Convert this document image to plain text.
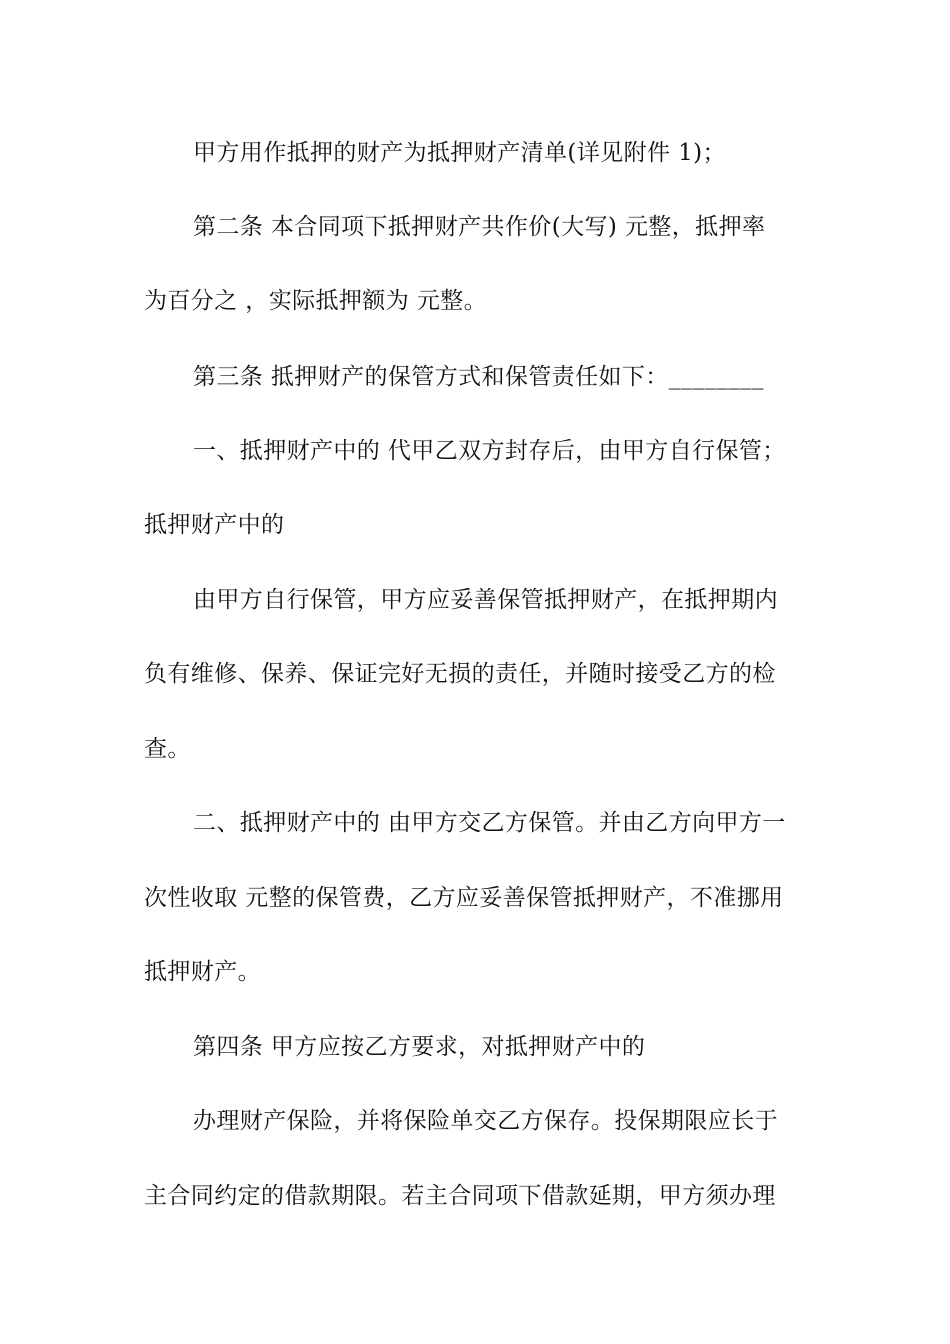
甲方用作抵押的财产为抵押财产清单(详见附件 1)；
第二条 本合同项下抵押财产共作价(大写) 元整，抵押率
为百分之 ，实际抵押额为 元整。
第三条 抵押财产的保管方式和保管责任如下：________
一、抵押财产中的 代甲乙双方封存后，由甲方自行保管；
抵押财产中的
由甲方自行保管，甲方应妥善保管抵押财产，在抵押期内
负有维修、保养、保证完好无损的责任，并随时接受乙方的检
查。
二、抵押财产中的 由甲方交乙方保管。并由乙方向甲方一
次性收取 元整的保管费，乙方应妥善保管抵押财产，不准挪用
抵押财产。
第四条 甲方应按乙方要求，对抵押财产中的
办理财产保险，并将保险单交乙方保存。投保期限应长于
主合同约定的借款期限。若主合同项下借款延期，甲方须办理
